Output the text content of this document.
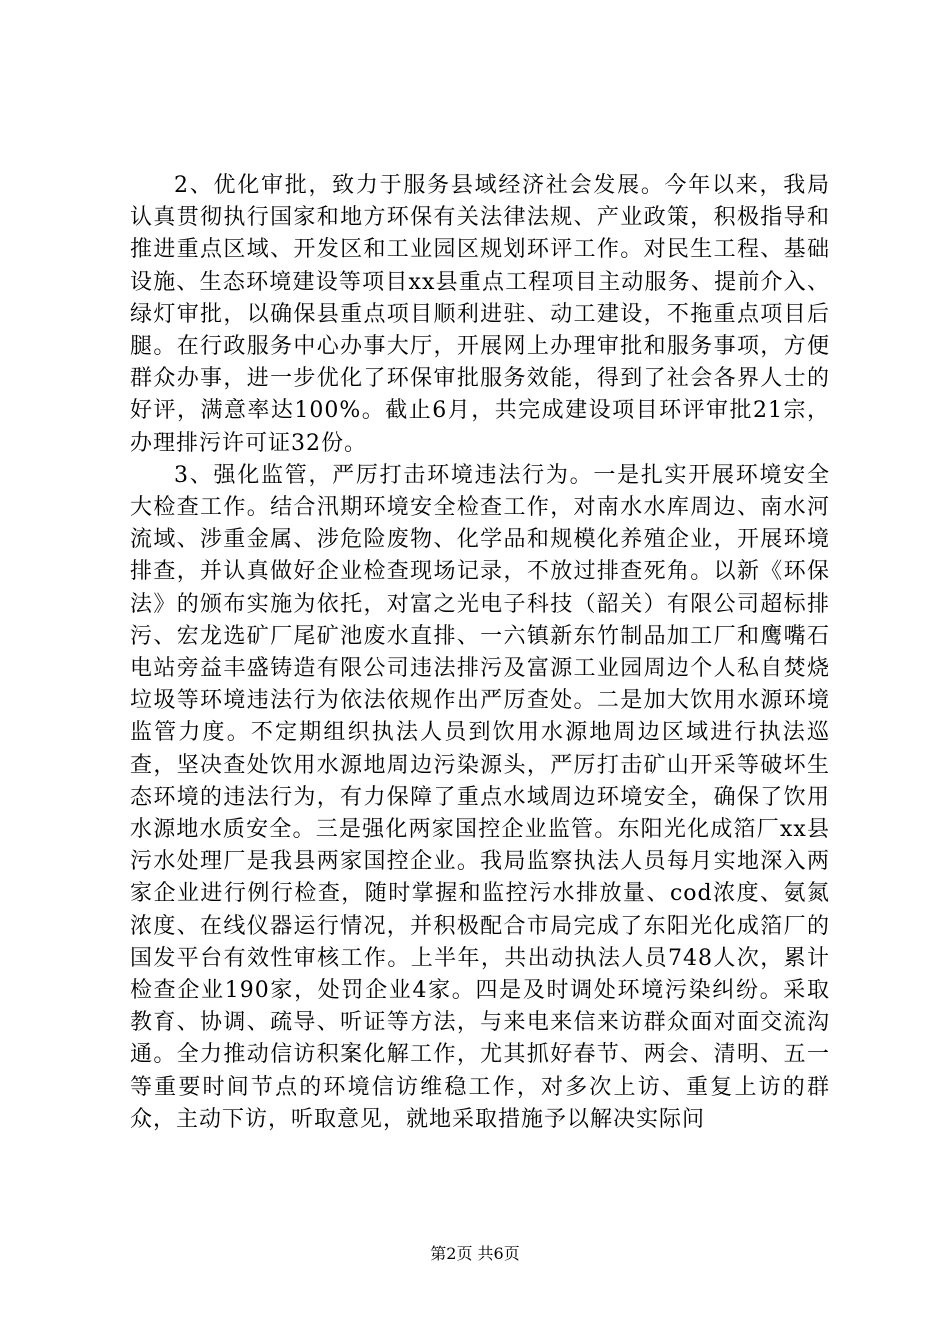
2、优化审批，致力于服务县域经济社会发展。今年以来，我局认真贯彻执行国家和地方环保有关法律法规、产业政策，积极指导和推进重点区域、开发区和工业园区规划环评工作。对民生工程、基础设施、生态环境建设等项目xx县重点工程项目主动服务、提前介入、绿灯审批，以确保县重点项目顺利进驻、动工建设，不拖重点项目后腿。在行政服务中心办事大厅，开展网上办理审批和服务事项，方便群众办事，进一步优化了环保审批服务效能，得到了社会各界人士的好评，满意率达100%。截止6月，共完成建设项目环评审批21宗，办理排污许可证32份。

3、强化监管，严厉打击环境违法行为。一是扎实开展环境安全大检查工作。结合汛期环境安全检查工作，对南水水库周边、南水河流域、涉重金属、涉危险废物、化学品和规模化养殖企业，开展环境排查，并认真做好企业检查现场记录，不放过排查死角。以新《环保法》的颁布实施为依托，对富之光电子科技（韶关）有限公司超标排污、宏龙选矿厂尾矿池废水直排、一六镇新东竹制品加工厂和鹰嘴石电站旁益丰盛铸造有限公司违法排污及富源工业园周边个人私自焚烧垃圾等环境违法行为依法依规作出严厉查处。二是加大饮用水源环境监管力度。不定期组织执法人员到饮用水源地周边区域进行执法巡查，坚决查处饮用水源地周边污染源头，严厉打击矿山开采等破坏生态环境的违法行为，有力保障了重点水域周边环境安全，确保了饮用水源地水质安全。三是强化两家国控企业监管。东阳光化成箔厂xx县污水处理厂是我县两家国控企业。我局监察执法人员每月实地深入两家企业进行例行检查，随时掌握和监控污水排放量、cod浓度、氨氮浓度、在线仪器运行情况，并积极配合市局完成了东阳光化成箔厂的国发平台有效性审核工作。上半年，共出动执法人员748人次，累计检查企业190家，处罚企业4家。四是及时调处环境污染纠纷。采取教育、协调、疏导、听证等方法，与来电来信来访群众面对面交流沟通。全力推动信访积案化解工作，尤其抓好春节、两会、清明、五一等重要时间节点的环境信访维稳工作，对多次上访、重复上访的群众，主动下访，听取意见，就地采取措施予以解决实际问

第2页 共6页
